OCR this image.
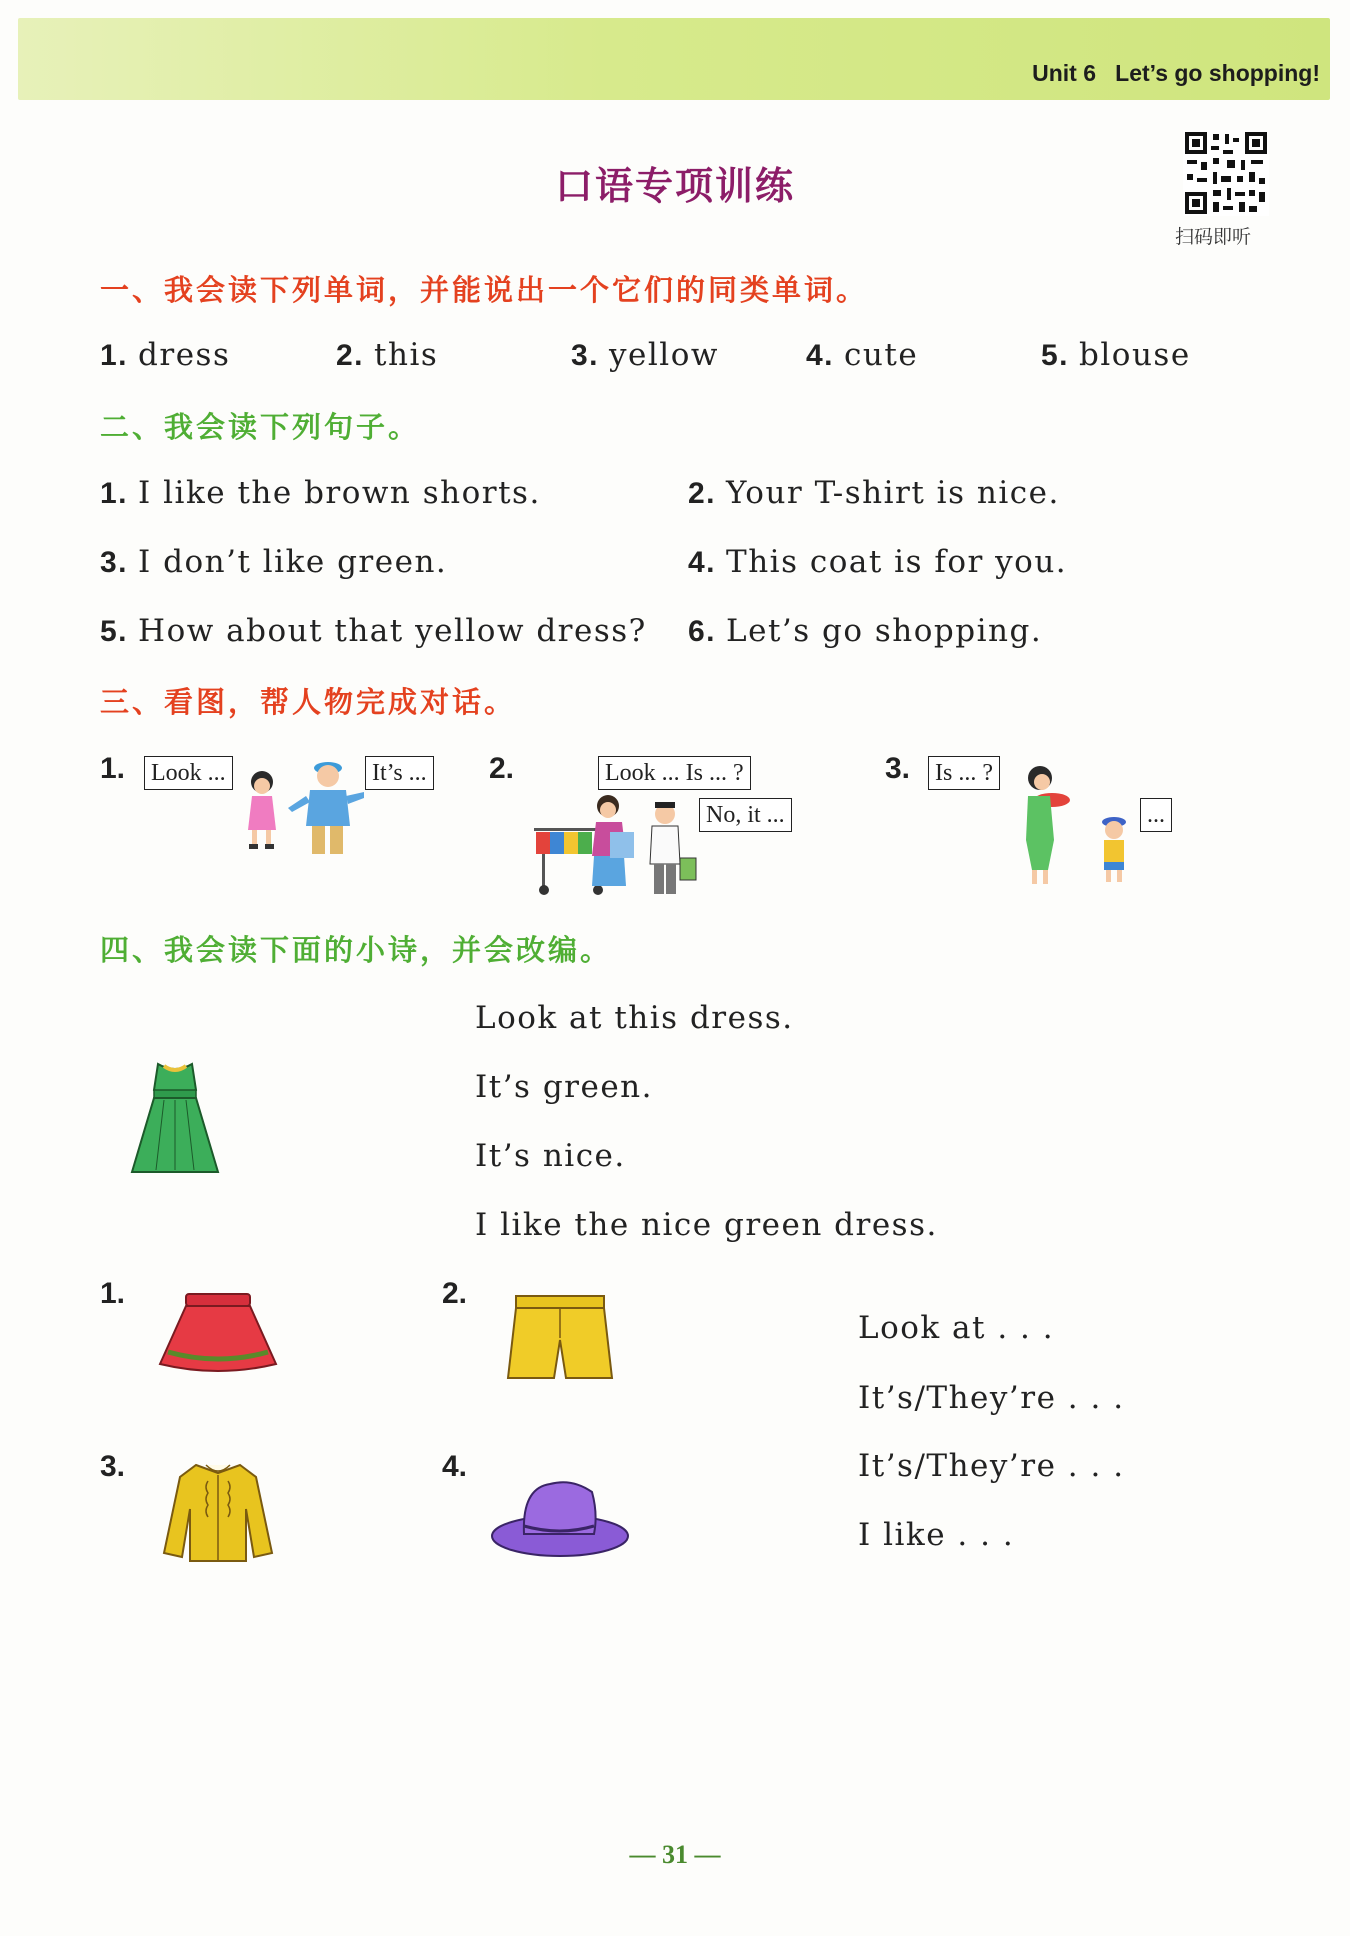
Unit 6   Let’s go shopping!
口语专项训练
扫码即听
一、我会读下列单词，并能说出一个它们的同类单词。
1. dress	2. this	3. yellow	4. cute	5. blouse
二、我会读下列句子。
1. I like the brown shorts.	2. Your T-shirt is nice.
3. I don’t like green.	4. This coat is for you.
5. How about that yellow dress? 6. Let’s go shopping.
三、看图，帮人物完成对话。
1. Look ...	It’s ... 2.	Look ... Is ... ?
No, it ...
3. Is ... ?
...
四、我会读下面的小诗，并会改编。
Look at this dress.
It’s green.
It’s nice.
I like the nice green dress.
1.	2.
3.	4.
Look at . . .
It’s/They’re . . .
It’s/They’re . . .
I like . . .
— 31 —
